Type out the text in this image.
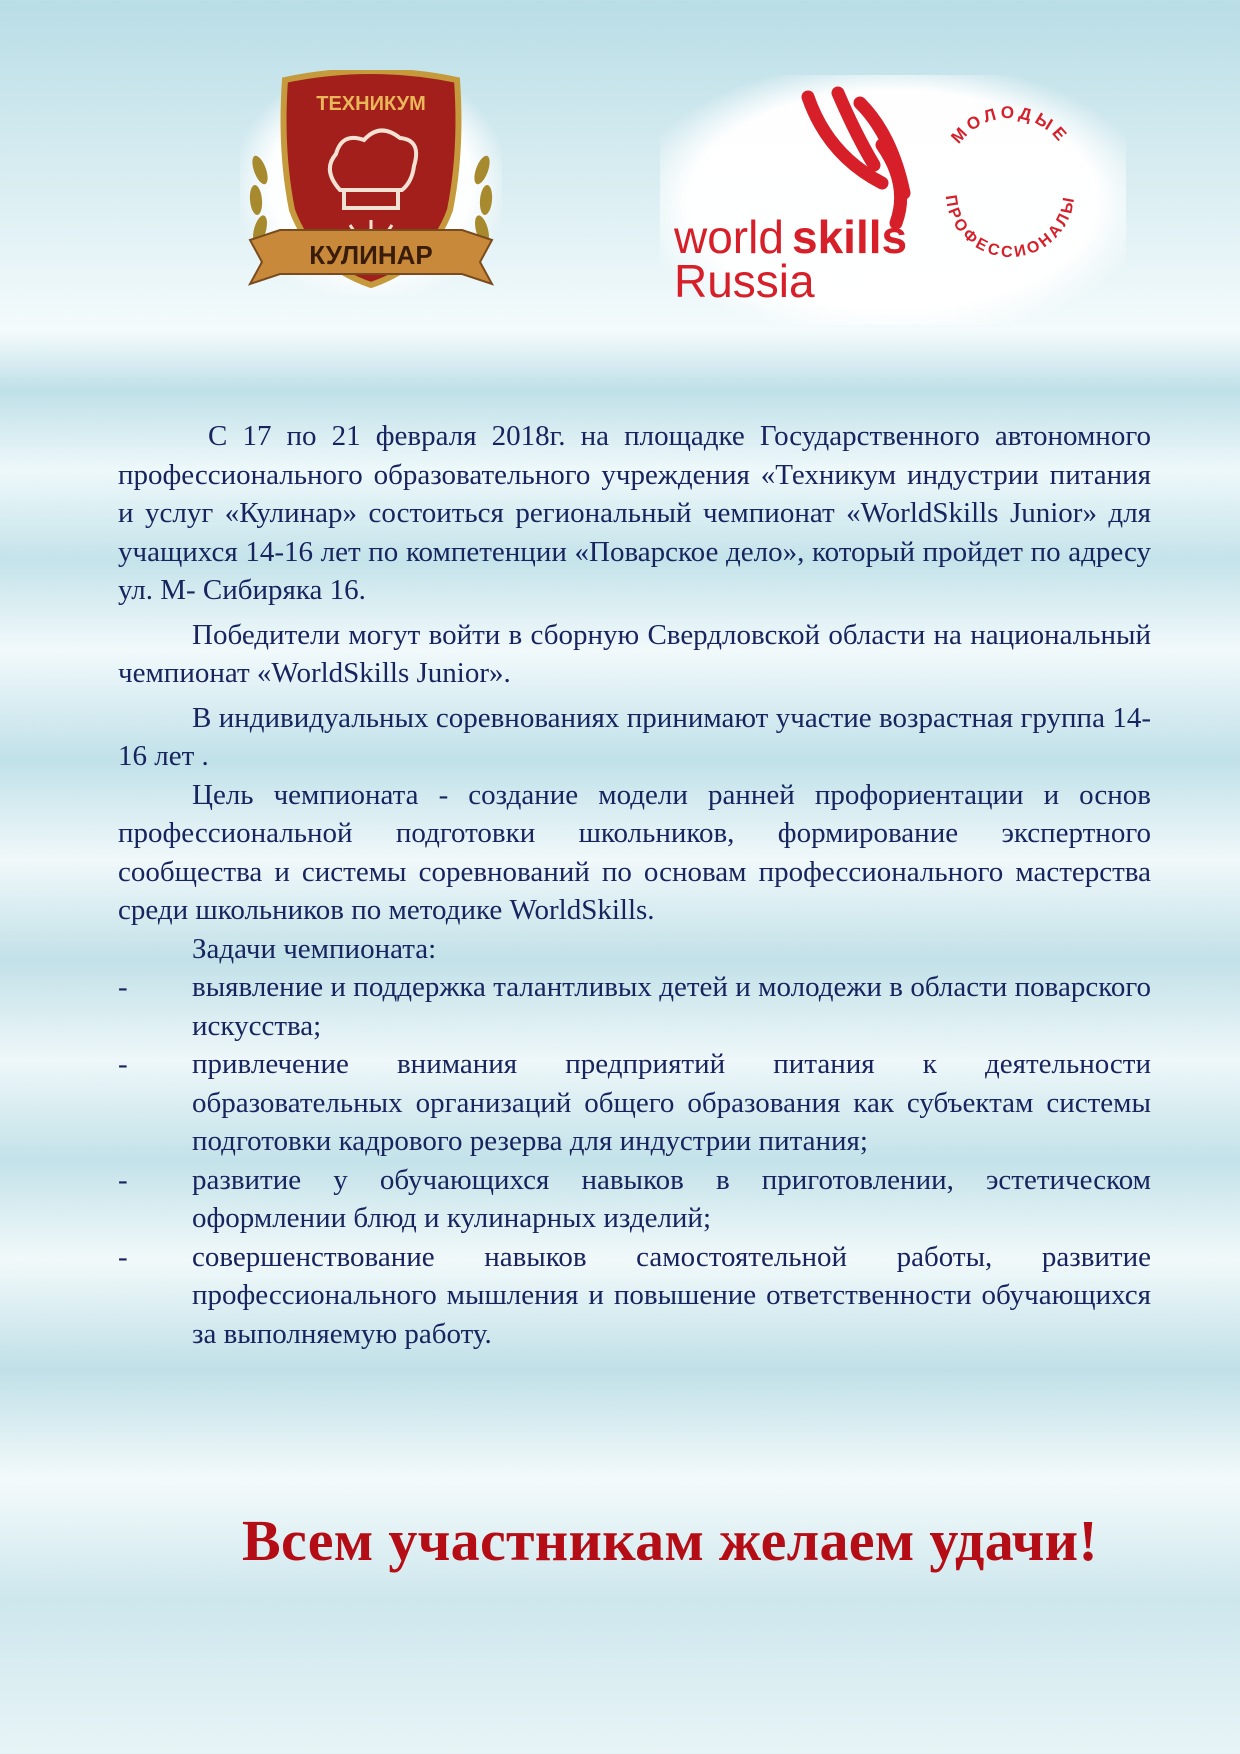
ТЕХНИКУМ
КУЛИНАР	world skills
Russia
МОЛОДЫЕ
ПРОФЕССИОНАЛЫ

С 17 по 21 февраля 2018г. на площадке Государственного автономного профессионального образовательного учреждения «Техникум индустрии питания и услуг «Кулинар» состоиться региональный чемпионат «WorldSkills Junior» для учащихся 14-16 лет по компетенции «Поварское дело», который пройдет по адресу ул. М- Сибиряка 16.

Победители могут войти в сборную Свердловской области на национальный чемпионат «WorldSkills Junior».

В индивидуальных соревнованиях принимают участие возрастная группа 14-16 лет .

Цель чемпионата - создание модели ранней профориентации и основ профессиональной подготовки школьников, формирование экспертного сообщества и системы соревнований по основам профессионального мастерства среди школьников по методике WorldSkills.

Задачи чемпионата:

- выявление и поддержка талантливых детей и молодежи в области поварского искусства;
- привлечение внимания предприятий питания к деятельности образовательных организаций общего образования как субъектам системы подготовки кадрового резерва для индустрии питания;
- развитие у обучающихся навыков в приготовлении, эстетическом оформлении блюд и кулинарных изделий;
- совершенствование навыков самостоятельной работы, развитие профессионального мышления и повышение ответственности обучающихся за выполняемую работу.
Всем участникам желаем удачи!
